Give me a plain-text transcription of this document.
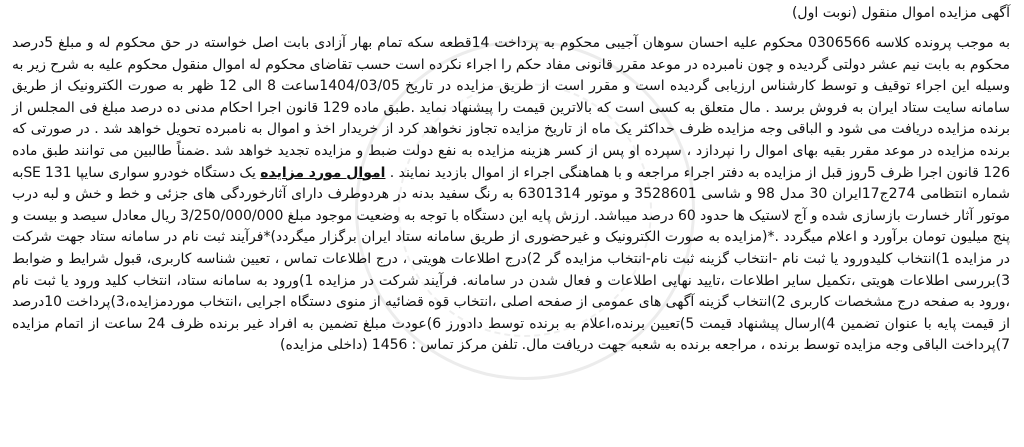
آگهی مزایده اموال منقول (نوبت اول)

به موجب پرونده کلاسه 0306566 محکوم علیه احسان سوهان آجیبی محکوم به پرداخت 14قطعه سکه تمام بهار آزادی بابت اصل خواسته در حق محکوم له و مبلغ 5درصد محکوم به بابت نیم عشر دولتی گردیده و چون نامبرده در موعد مقرر قانونی مفاد حکم را اجراء نکرده است حسب تقاضای محکوم له اموال منقول محکوم علیه به شرح زیر به وسیله این اجراء توقیف و توسط کارشناس ارزیابی گردیده است و مقرر است از طریق مزایده در تاریخ 1404/03/05ساعت 8 الی 12 ظهر به صورت الکترونیک از طریق سامانه سایت ستاد ایران به فروش برسد . مال متعلق به کسی است که بالاترین قیمت را پیشنهاد نماید .طبق ماده 129 قانون اجرا احکام مدنی ده درصد مبلغ فی المجلس از برنده مزایده دریافت می شود و الباقی وجه مزایده ظرف حداکثر یک ماه از تاریخ مزایده تجاوز نخواهد کرد از خریدار اخذ و اموال به نامبرده تحویل خواهد شد . در صورتی که برنده مزایده در موعد مقرر بقیه بهای اموال را نپردازد ، سپرده او پس از کسر هزینه مزایده به نفع دولت ضبط و مزایده تجدید خواهد شد .ضمناً طالبین می توانند طبق ماده 126 قانون اجرا ظرف 5روز قبل از مزایده به دفتر اجراء مراجعه و با هماهنگی اجراء از اموال بازدید نمایند . اموال مورد مزایده یک دستگاه خودرو سواری سایپا 131 SEبه شماره انتظامی 274ج17ایران 30 مدل 98 و شاسی 3528601 و موتور 6301314 به رنگ سفید بدنه در هردوطرف دارای آثارخوردگی های جزئی و خط و خش و لبه درب موتور آثار خسارت بازسازی شده و آج لاستیک ها حدود 60 درصد میباشد. ارزش پایه این دستگاه با توجه به وضعیت موجود مبلغ 3/250/000/000 ریال معادل سیصد و بیست و پنج میلیون تومان برآورد و اعلام میگردد .*(مزایده به صورت الکترونیک و غیرحضوری از طریق سامانه ستاد ایران برگزار میگردد)*فرآیند ثبت نام در سامانه ستاد جهت شرکت در مزایده 1)انتخاب کلیدورود یا ثبت نام -انتخاب گزینه ثبت نام-انتخاب مزایده گر 2)درج اطلاعات هویتی ، درج اطلاعات تماس ، تعیین شناسه کاربری، قبول شرایط و ضوابط 3)بررسی اطلاعات هویتی ،تکمیل سایر اطلاعات ،تایید نهایی اطلاعات و فعال شدن در سامانه. فرآیند شرکت در مزایده 1)ورود به سامانه ستاد، انتخاب کلید ورود یا ثبت نام ،ورود به صفحه درج مشخصات کاربری 2)انتخاب گزینه آگهی های عمومی از صفحه اصلی ،انتخاب قوه قضائیه از منوی دستگاه اجرایی ،انتخاب موردمزایده،3)پرداخت 10درصد از قیمت پایه با عنوان تضمین 4)ارسال پیشنهاد قیمت 5)تعیین برنده،اعلام به برنده توسط دادورز 6)عودت مبلغ تضمین به افراد غیر برنده ظرف 24 ساعت از اتمام مزایده 7)پرداخت الباقی وجه مزایده توسط برنده ، مراجعه برنده به شعبه جهت دریافت مال. تلفن مرکز تماس : 1456 (داخلی مزایده)
